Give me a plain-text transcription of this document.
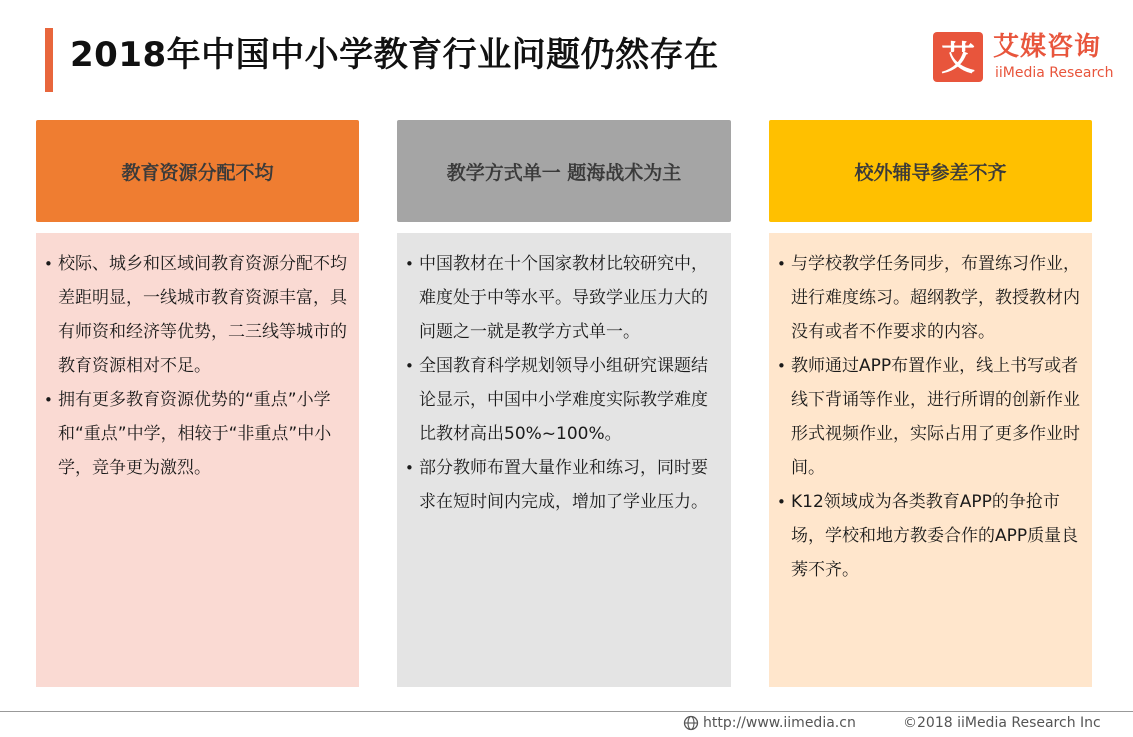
2018年中国中小学教育行业问题仍然存在	艾 艾媒咨询
iiMedia Research
教育资源分配不均
• 校际、城乡和区域间教育资源分配不均差距明显，一线城市教育资源丰富，具有师资和经济等优势，二三线等城市的教育资源相对不足。
• 拥有更多教育资源优势的“重点”小学和“重点”中学，相较于“非重点”中小学，竞争更为激烈。
教学方式单一 题海战术为主
• 中国教材在十个国家教材比较研究中，难度处于中等水平。导致学业压力大的问题之一就是教学方式单一。
• 全国教育科学规划领导小组研究课题结论显示，中国中小学难度实际教学难度比教材高出50%~100%。
• 部分教师布置大量作业和练习，同时要求在短时间内完成，增加了学业压力。
校外辅导参差不齐
• 与学校教学任务同步，布置练习作业，进行难度练习。超纲教学，教授教材内没有或者不作要求的内容。
• 教师通过APP布置作业，线上书写或者线下背诵等作业，进行所谓的创新作业形式视频作业，实际占用了更多作业时间。
• K12领域成为各类教育APP的争抢市场，学校和地方教委合作的APP质量良莠不齐。
http://www.iimedia.cn	©2018 iiMedia Research Inc
